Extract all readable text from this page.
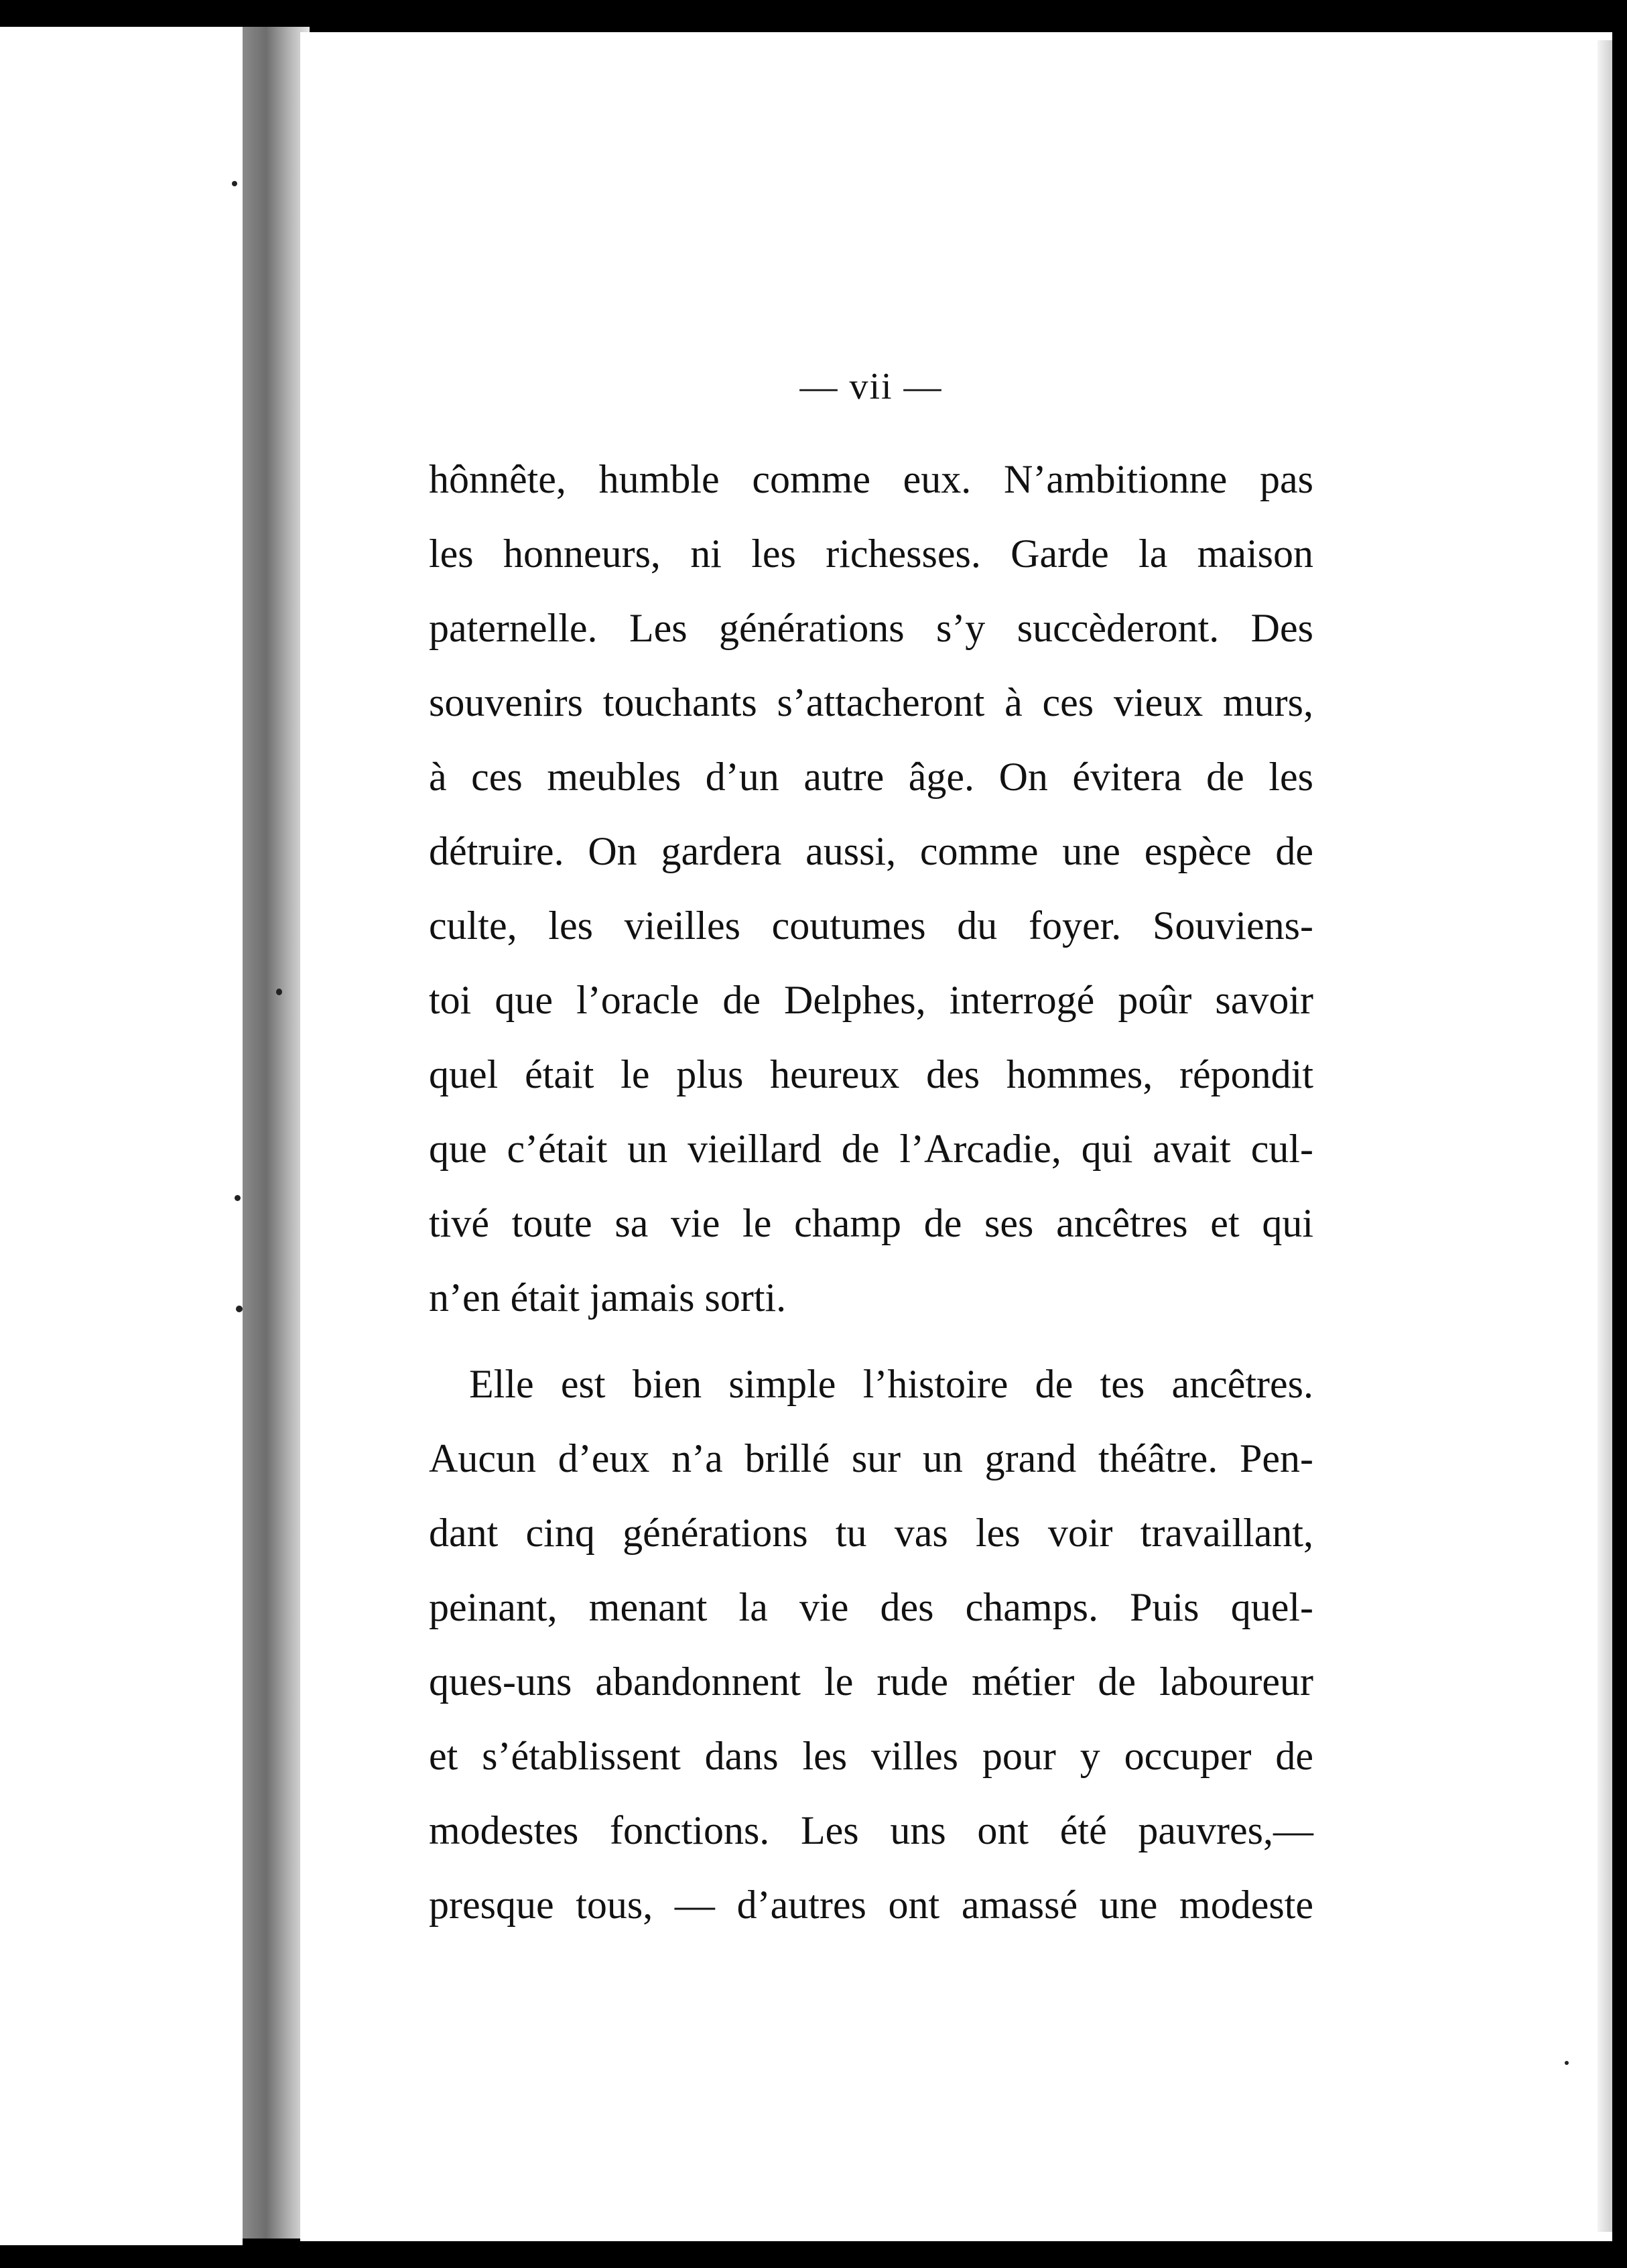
— vii —
hônnête, humble comme eux. N’ambitionne pas
les honneurs, ni les richesses. Garde la maison
paternelle. Les générations s’y succèderont. Des
souvenirs touchants s’attacheront à ces vieux murs,
à ces meubles d’un autre âge. On évitera de les
détruire. On gardera aussi, comme une espèce de
culte, les vieilles coutumes du foyer. Souviens-
toi que l’oracle de Delphes, interrogé poûr savoir
quel était le plus heureux des hommes, répondit
que c’était un vieillard de l’Arcadie, qui avait cul-
tivé toute sa vie le champ de ses ancêtres et qui
n’en était jamais sorti.
Elle est bien simple l’histoire de tes ancêtres.
Aucun d’eux n’a brillé sur un grand théâtre. Pen-
dant cinq générations tu vas les voir travaillant,
peinant, menant la vie des champs. Puis quel-
ques-uns abandonnent le rude métier de laboureur
et s’établissent dans les villes pour y occuper de
modestes fonctions. Les uns ont été pauvres,—
presque tous, — d’autres ont amassé une modeste
